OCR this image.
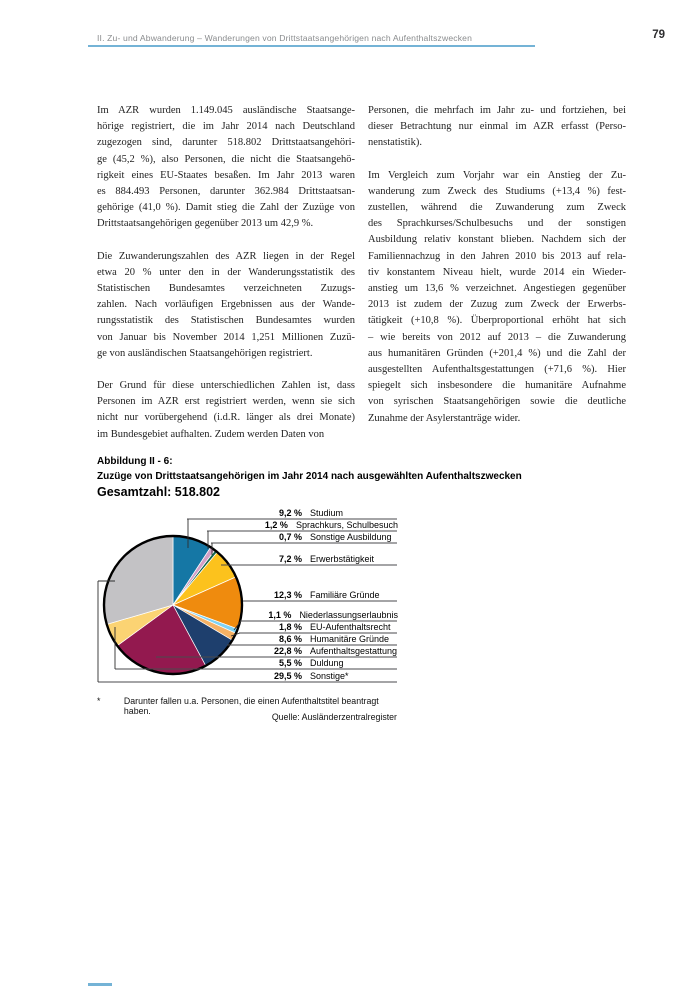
II. Zu- und Abwanderung – Wanderungen von Drittstaatsangehörigen nach Aufenthaltszwecken	79
Im AZR wurden 1.149.045 ausländische Staatsange-
hörige registriert, die im Jahr 2014 nach Deutschland
zugezogen sind, darunter 518.802 Drittstaatsangehöri-
ge (45,2 %), also Personen, die nicht die Staatsangehö-
rigkeit eines EU-Staates besaßen. Im Jahr 2013 waren
es 884.493 Personen, darunter 362.984 Drittstaatsan-
gehörige (41,0 %). Damit stieg die Zahl der Zuzüge von
Drittstaatsangehörigen gegenüber 2013 um 42,9 %.
Die Zuwanderungszahlen des AZR liegen in der Regel
etwa 20 % unter den in der Wanderungsstatistik des
Statistischen Bundesamtes verzeichneten Zuzugs-
zahlen. Nach vorläufigen Ergebnissen aus der Wande-
rungsstatistik des Statistischen Bundesamtes wurden
von Januar bis November 2014 1,251 Millionen Zuzü-
ge von ausländischen Staatsangehörigen registriert.
Der Grund für diese unterschiedlichen Zahlen ist, dass
Personen im AZR erst registriert werden, wenn sie sich
nicht nur vorübergehend (i.d.R. länger als drei Monate)
im Bundesgebiet aufhalten. Zudem werden Daten von
Personen, die mehrfach im Jahr zu- und fortziehen, bei
dieser Betrachtung nur einmal im AZR erfasst (Perso-
nenstatistik).
Im Vergleich zum Vorjahr war ein Anstieg der Zu-
wanderung zum Zweck des Studiums (+13,4 %) fest-
zustellen, während die Zuwanderung zum Zweck
des Sprachkurses/Schulbesuchs und der sonstigen
Ausbildung relativ konstant blieben. Nachdem sich der
Familiennachzug in den Jahren 2010 bis 2013 auf rela-
tiv konstantem Niveau hielt, wurde 2014 ein Wieder-
anstieg um 13,6 % verzeichnet. Angestiegen gegenüber
2013 ist zudem der Zuzug zum Zweck der Erwerbs-
tätigkeit (+10,8 %). Überproportional erhöht hat sich
– wie bereits von 2012 auf 2013 – die Zuwanderung
aus humanitären Gründen (+201,4 %) und die Zahl der
ausgestellten Aufenthaltsgestattungen (+71,6 %). Hier
spiegelt sich insbesondere die humanitäre Aufnahme
von syrischen Staatsangehörigen sowie die deutliche
Zunahme der Asylerstanträge wider.
Abbildung II - 6:
Zuzüge von Drittstaatsangehörigen im Jahr 2014 nach ausgewählten Aufenthaltszwecken
Gesamtzahl: 518.802
9,2 % Studium
1,2 % Sprachkurs, Schulbesuch
0,7 % Sonstige Ausbildung
7,2 % Erwerbstätigkeit
12,3 % Familiäre Gründe
1,1 % Niederlassungserlaubnis
1,8 % EU-Aufenthaltsrecht
8,6 % Humanitäre Gründe
22,8 % Aufenthaltsgestattung
5,5 % Duldung
29,5 % Sonstige*
*	Darunter fallen u.a. Personen, die einen Aufenthaltstitel beantragt haben.
Quelle: Ausländerzentralregister
